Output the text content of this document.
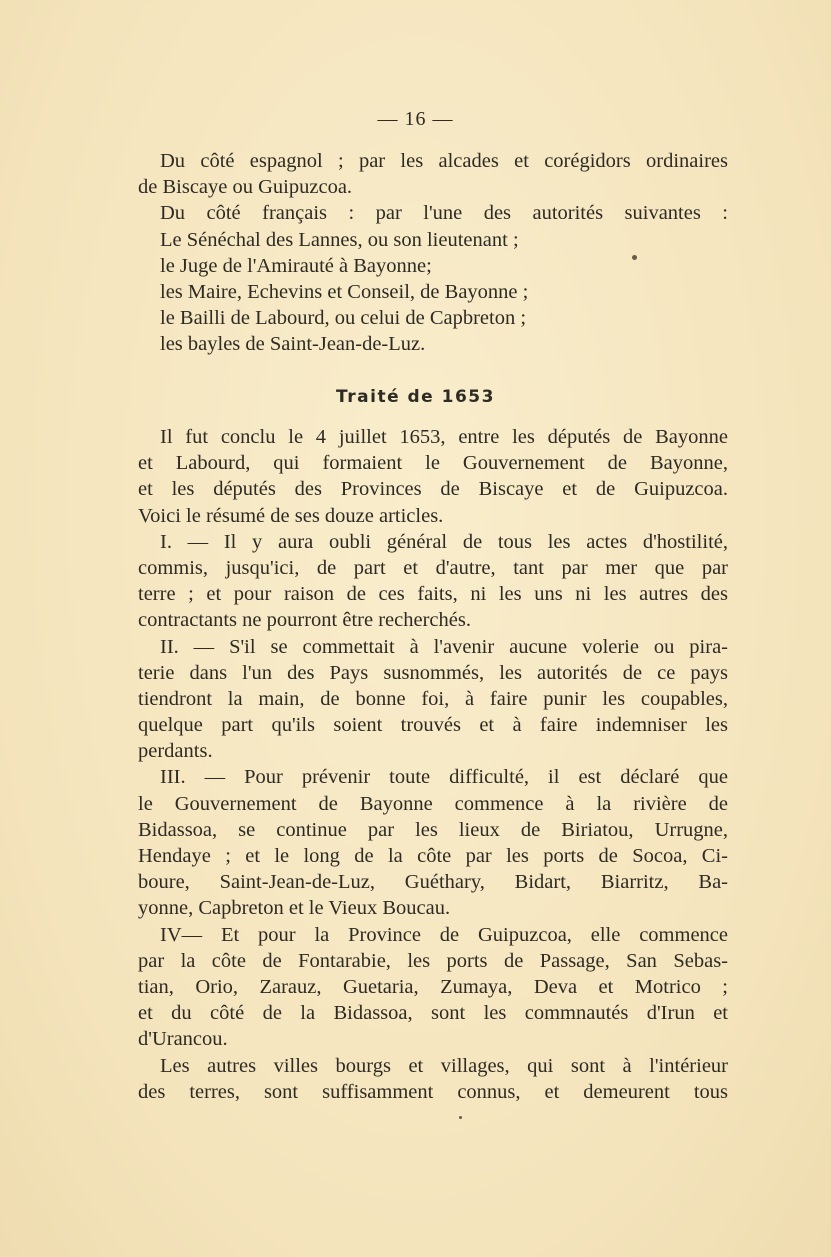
— 16 —
Du côté espagnol ; par les alcades et corégidors ordinaires
de Biscaye ou Guipuzcoa.
Du côté français : par l'une des autorités suivantes :
Le Sénéchal des Lannes, ou son lieutenant ;
le Juge de l'Amirauté à Bayonne;
les Maire, Echevins et Conseil, de Bayonne ;
le Bailli de Labourd, ou celui de Capbreton ;
les bayles de Saint-Jean-de-Luz.
Traité de 1653
Il fut conclu le 4 juillet 1653, entre les députés de Bayonne
et Labourd, qui formaient le Gouvernement de Bayonne,
et les députés des Provinces de Biscaye et de Guipuzcoa.
Voici le résumé de ses douze articles.
I. — Il y aura oubli général de tous les actes d'hostilité,
commis, jusqu'ici, de part et d'autre, tant par mer que par
terre ; et pour raison de ces faits, ni les uns ni les autres des
contractants ne pourront être recherchés.
II. — S'il se commettait à l'avenir aucune volerie ou pira-
terie dans l'un des Pays susnommés, les autorités de ce pays
tiendront la main, de bonne foi, à faire punir les coupables,
quelque part qu'ils soient trouvés et à faire indemniser les
perdants.
III. — Pour prévenir toute difficulté, il est déclaré que
le Gouvernement de Bayonne commence à la rivière de
Bidassoa, se continue par les lieux de Biriatou, Urrugne,
Hendaye ; et le long de la côte par les ports de Socoa, Ci-
boure, Saint-Jean-de-Luz, Guéthary, Bidart, Biarritz, Ba-
yonne, Capbreton et le Vieux Boucau.
IV— Et pour la Province de Guipuzcoa, elle commence
par la côte de Fontarabie, les ports de Passage, San Sebas-
tian, Orio, Zarauz, Guetaria, Zumaya, Deva et Motrico ;
et du côté de la Bidassoa, sont les commnautés d'Irun et
d'Urancou.
Les autres villes bourgs et villages, qui sont à l'intérieur
des terres, sont suffisamment connus, et demeurent tous
